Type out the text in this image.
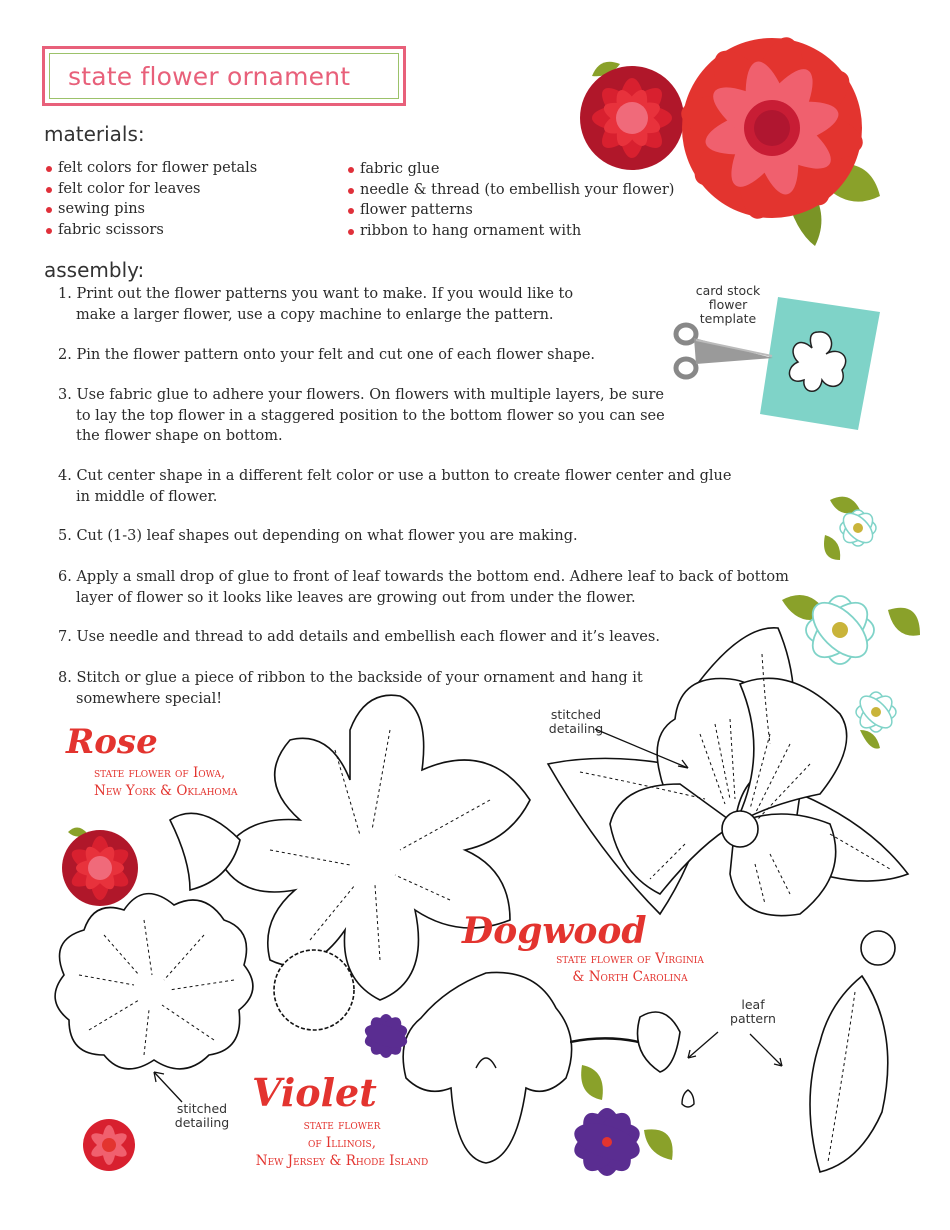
state flower ornament
materials:
felt colors for flower petals
felt color for leaves
sewing pins
fabric scissors
fabric glue
needle & thread (to embellish your flower)
flower patterns
ribbon to hang ornament with
assembly:
1. Print out the flower patterns you want to make. If you would like to
make a larger flower, use a copy machine to enlarge the pattern.
2. Pin the flower pattern onto your felt and cut one of each flower shape.
3. Use fabric glue to adhere your flowers. On flowers with multiple layers, be sure
to lay the top flower in a staggered position to the bottom flower so you can see
the flower shape on bottom.
4. Cut center shape in a different felt color or use a button to create flower center and glue
in middle of flower.
5. Cut (1-3) leaf shapes out depending on what flower you are making.
6. Apply a small drop of glue to front of leaf towards the bottom end. Adhere leaf to back of bottom
layer of flower so it looks like leaves are growing out from under the flower.
7. Use needle and thread to add details and embellish each flower and it’s leaves.
8. Stitch or glue a piece of ribbon to the backside of your ornament and hang it
somewhere special!
card stock
flower
template
stitched
detailing
stitched
detailing
leaf
pattern
Rose
state flower of Iowa,
New York & Oklahoma
Dogwood
state flower of Virginia
& North Carolina
Violet
state flower
of Illinois,
New Jersey & Rhode Island
